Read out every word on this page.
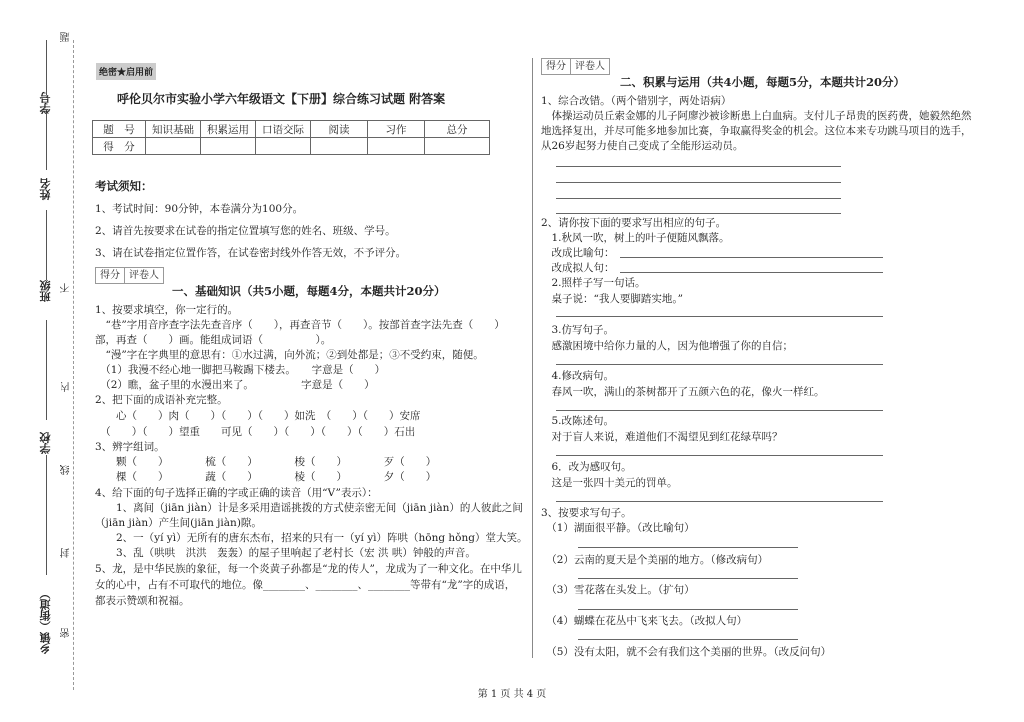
题
学号
姓名
班级 不
内
学校
线
封
乡镇（街道） 密
绝密★启用前
呼伦贝尔市实验小学六年级语文【下册】综合练习试题 附答案
题　号	知识基础	积累运用	口语交际	阅读	习作	总分
得　分						
考试须知：
1、考试时间：90分钟，本卷满分为100分。
2、请首先按要求在试卷的指定位置填写您的姓名、班级、学号。
3、请在试卷指定位置作答，在试卷密封线外作答无效，不予评分。
得分 评卷人
一、基础知识（共5小题，每题4分，本题共计20分）
1、按要求填空，你一定行的。
　“巷”字用音序查字法先查音序（　　），再查音节（　　）。按部首查字法先查（　　）
部，再查（　　）画。能组成词语（　　　　　）。
　“漫”字在字典里的意思有：①水过满，向外流；②到处都是；③不受约束，随便。
　（1）我漫不经心地一脚把马鞍踢下楼去。　　字意是（　　）
　（2）瞧，盆子里的水漫出来了。　　　　　字意是（　　）
2、把下面的成语补充完整。
　　心（　　）肉（　　）（　　）（　　）如洗　（　　）（　　）安席
　（　　）（　　）望重　　可见（　　）（　　）（　　）（　　）石出
3、辨字组词。
　　颗（　　）　　　　梳（　　）　　　　梭（　　）　　　　歹（　　）
　　棵（　　）　　　　蔬（　　）　　　　棱（　　）　　　　夕（　　）
4、给下面的句子选择正确的字或正确的读音（用“V”表示）：
　　1、离间（jiān jiàn）计是多采用造谣挑拨的方式使亲密无间（jiān jiàn）的人彼此之间
（jiān jiàn）产生间(jiān jiàn)隙。
　　2、一（yí yì）无所有的唐东杰布，招来的只有一（yí yì）阵哄（hōng hǒng）堂大笑。
　　3、乱（哄哄　洪洪　轰轰）的屋子里响起了老村长（宏 洪 哄）钟般的声音。
5、龙，是中华民族的象征，每一个炎黄子孙都是“龙的传人”，龙成为了一种文化。在中华儿
女的心中，占有不可取代的地位。像________、________、________等带有“龙”字的成语，
都表示赞颂和祝福。
得分 评卷人
二、积累与运用（共4小题，每题5分，本题共计20分）
1、综合改错。（两个错别字，两处语病）
　体操运动员丘索金娜的儿子阿廖沙被诊断患上白血病。支付儿子昂贵的医药费，她毅然绝然
地选择复出，并尽可能多地参加比赛，争取赢得奖金的机会。这位本来专功跳马项目的选手，
从26岁起努力使自己变成了全能形运动员。
2、请你按下面的要求写出相应的句子。
　1.秋风一吹，树上的叶子便随风飘落。
　改成比喻句：
　改成拟人句：
　2.照样子写一句话。
　桌子说：“我人要脚踏实地。”
　3.仿写句子。
　感激困境中给你力量的人，因为他增强了你的自信；
　4.修改病句。
　春风一吹，满山的茶树都开了五颜六色的花，像火一样红。
　5.改陈述句。
　对于盲人来说，难道他们不渴望见到红花绿草吗？
　6．改为感叹句。
　这是一张四十美元的罚单。
3、按要求写句子。
　（1）湖面很平静。（改比喻句）
　（2）云南的夏天是个美丽的地方。（修改病句）
　（3）雪花落在头发上。（扩句）
　（4）蝴蝶在花丛中飞来飞去。（改拟人句）
　（5）没有太阳，就不会有我们这个美丽的世界。（改反问句）
第 1 页 共 4 页
